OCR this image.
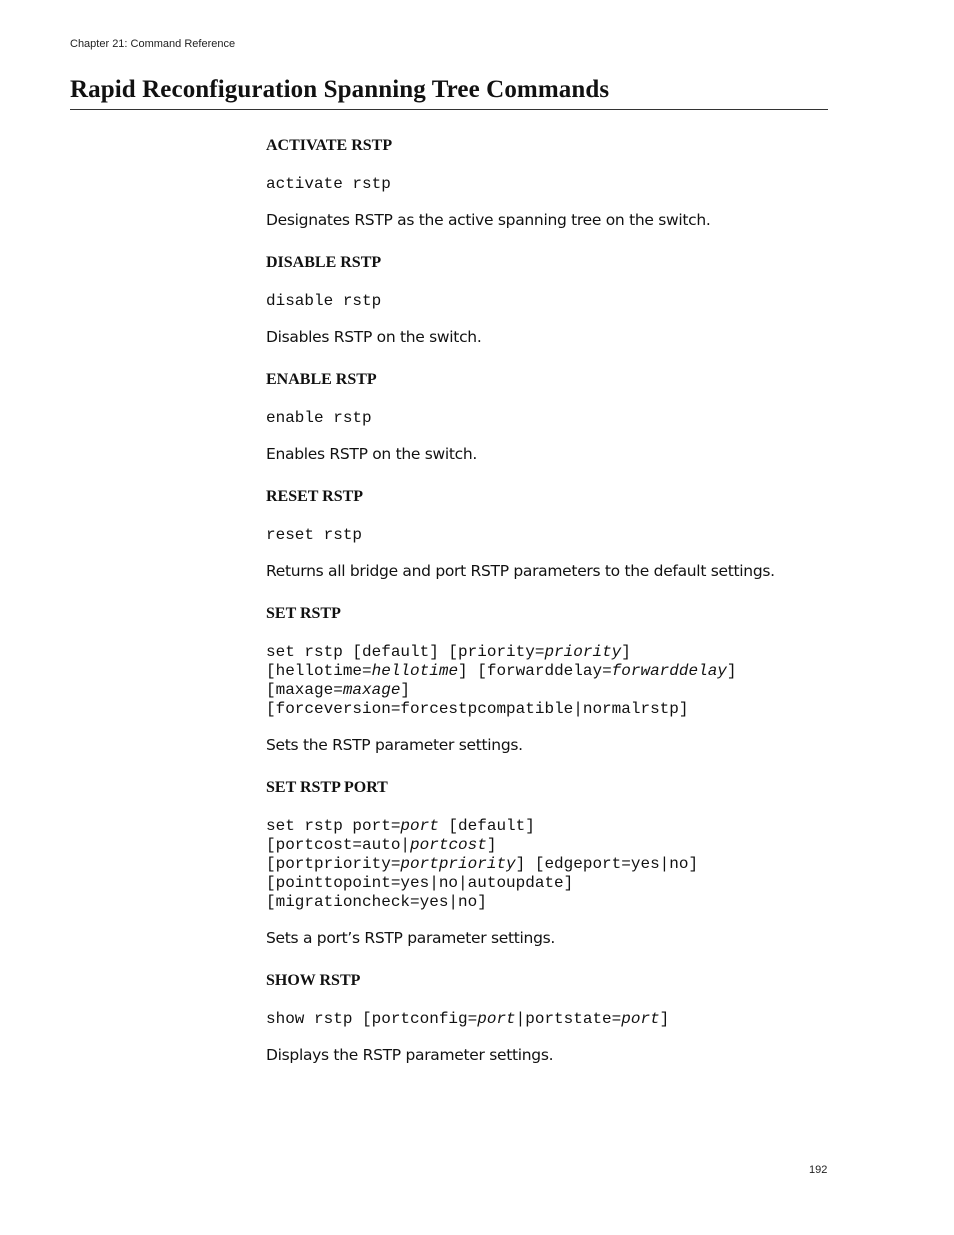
Chapter 21: Command Reference
Rapid Reconfiguration Spanning Tree Commands
ACTIVATE RSTP
activate rstp

Designates RSTP as the active spanning tree on the switch.

DISABLE RSTP
disable rstp

Disables RSTP on the switch.

ENABLE RSTP
enable rstp

Enables RSTP on the switch.

RESET RSTP
reset rstp

Returns all bridge and port RSTP parameters to the default settings.

SET RSTP
set rstp [default] [priority=priority]
[hellotime=hellotime] [forwarddelay=forwarddelay]
[maxage=maxage]
[forceversion=forcestpcompatible|normalrstp]

Sets the RSTP parameter settings.

SET RSTP PORT
set rstp port=port [default]
[portcost=auto|portcost]
[portpriority=portpriority] [edgeport=yes|no]
[pointtopoint=yes|no|autoupdate]
[migrationcheck=yes|no]

Sets a port’s RSTP parameter settings.

SHOW RSTP
show rstp [portconfig=port|portstate=port]

Displays the RSTP parameter settings.

192
